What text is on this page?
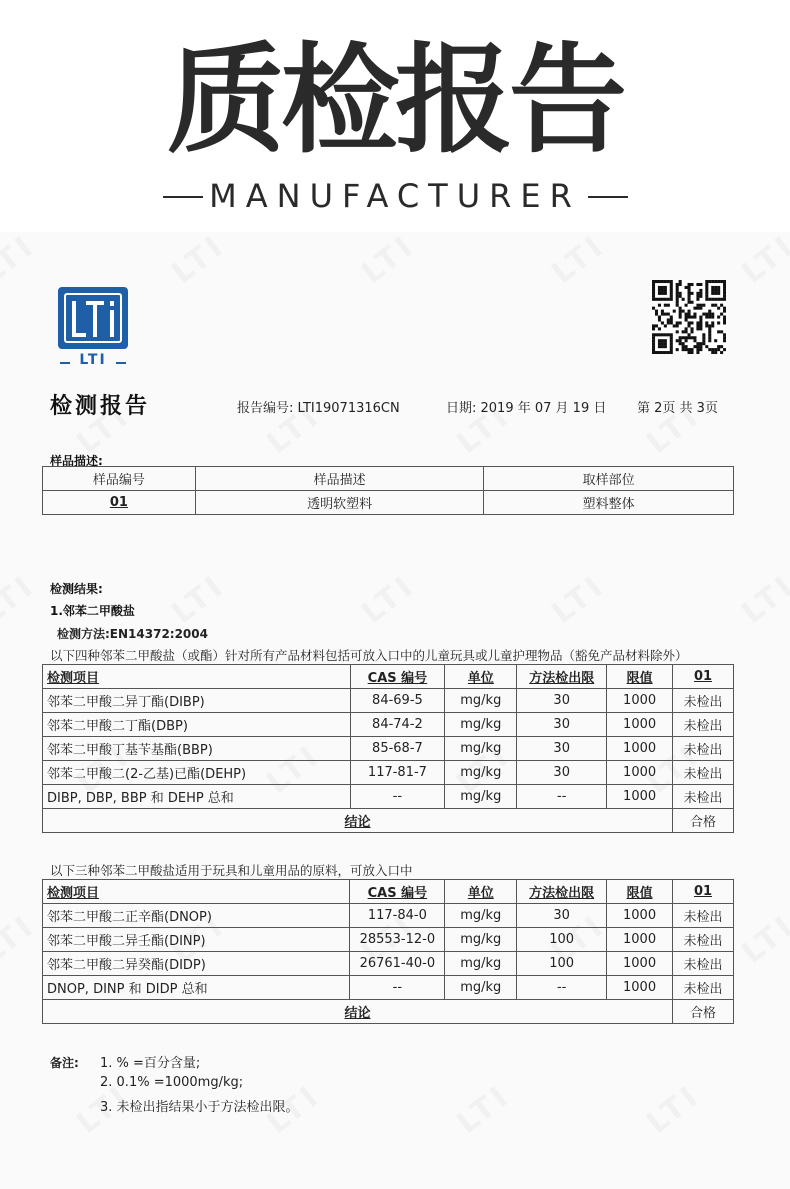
质检报告
MANUFACTURER
LTI
检测报告	报告编号: LTI19071316CN	日期: 2019 年 07 月 19 日 第 2页 共 3页
样品描述:
样品编号	样品描述	取样部位
01	透明软塑料	塑料整体
检测结果:
1.邻苯二甲酸盐
检测方法:EN14372:2004
以下四种邻苯二甲酸盐（或酯）针对所有产品材料包括可放入口中的儿童玩具或儿童护理物品（豁免产品材料除外）
检测项目	CAS 编号	单位	方法检出限	限值	01
邻苯二甲酸二异丁酯(DIBP)	84-69-5	mg/kg	30	1000	未检出
邻苯二甲酸二丁酯(DBP)	84-74-2	mg/kg	30	1000	未检出
邻苯二甲酸丁基苄基酯(BBP)	85-68-7	mg/kg	30	1000	未检出
邻苯二甲酸二(2-乙基)已酯(DEHP)	117-81-7	mg/kg	30	1000	未检出
DIBP, DBP, BBP 和 DEHP 总和	--	mg/kg	--	1000	未检出
结论					合格
以下三种邻苯二甲酸盐适用于玩具和儿童用品的原料，可放入口中
检测项目	CAS 编号	单位	方法检出限	限值	01
邻苯二甲酸二正辛酯(DNOP)	117-84-0	mg/kg	30	1000	未检出
邻苯二甲酸二异壬酯(DINP)	28553-12-0	mg/kg	100	1000	未检出
邻苯二甲酸二异癸酯(DIDP)	26761-40-0	mg/kg	100	1000	未检出
DNOP, DINP 和 DIDP 总和	--	mg/kg	--	1000	未检出
结论					合格
备注: 1. % =百分含量;
2. 0.1% =1000mg/kg;
3. 未检出指结果小于方法检出限。
